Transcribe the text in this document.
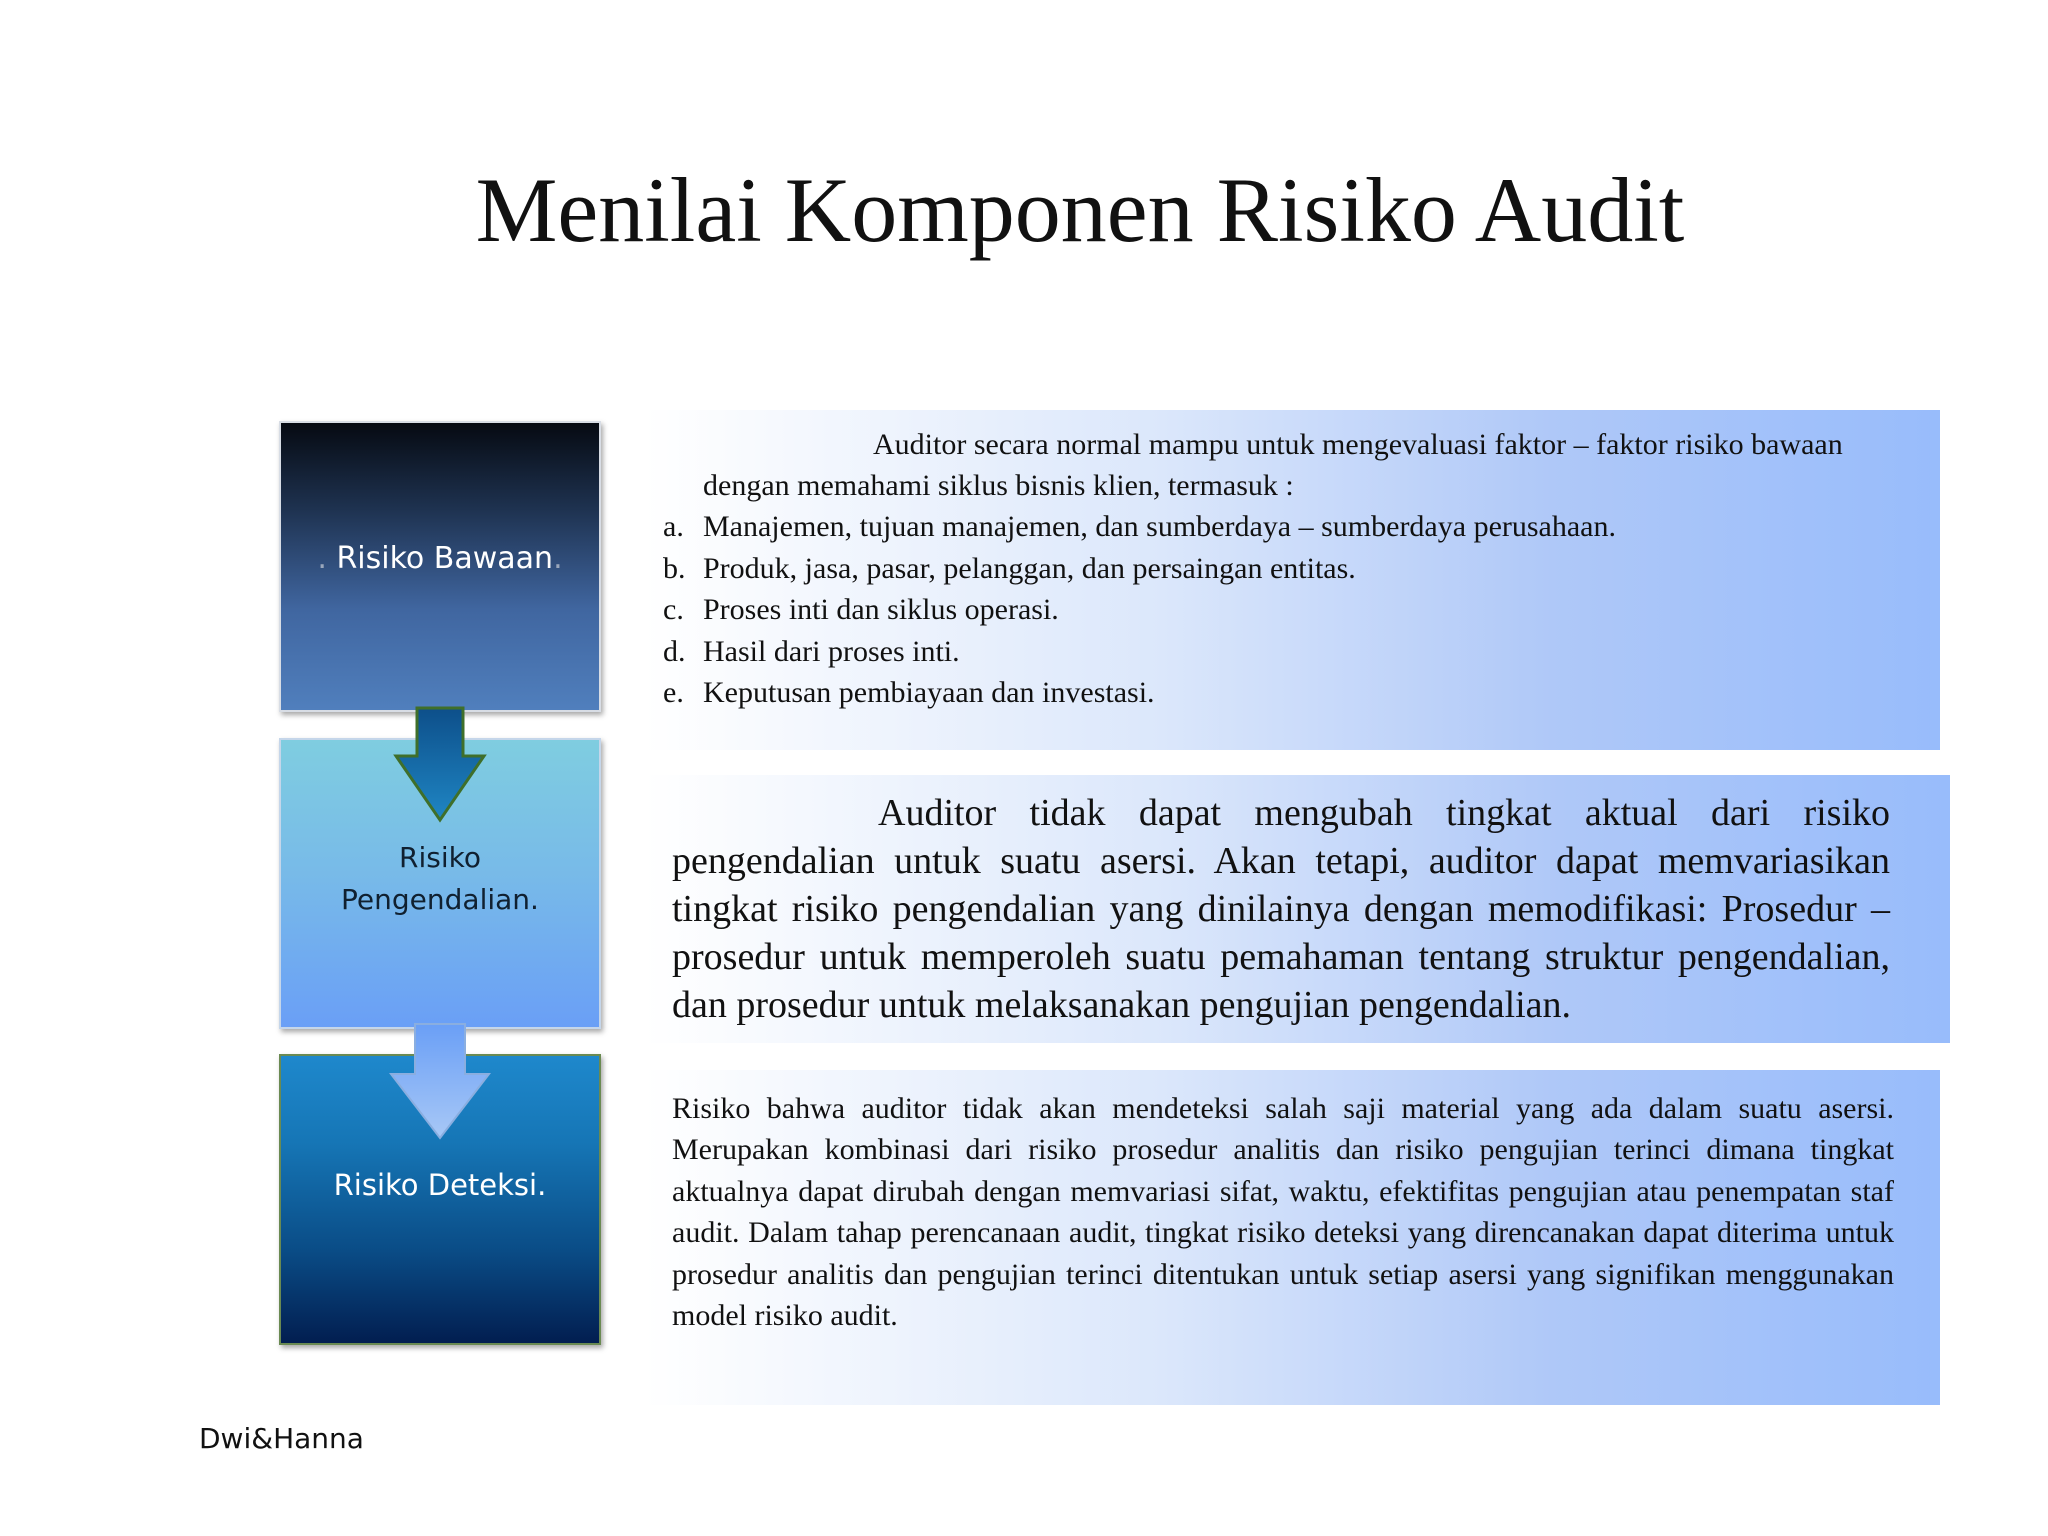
Menilai Komponen Risiko Audit
. Risiko Bawaan.
Risiko
Pengendalian.
Risiko Deteksi.
Auditor secara normal mampu untuk mengevaluasi faktor – faktor risiko bawaan dengan memahami siklus bisnis klien, termasuk :
a. Manajemen, tujuan manajemen, dan sumberdaya – sumberdaya perusahaan.
b. Produk, jasa, pasar, pelanggan, dan persaingan entitas.
c. Proses inti dan siklus operasi.
d. Hasil dari proses inti.
e. Keputusan pembiayaan dan investasi.
Auditor tidak dapat mengubah tingkat aktual dari risiko pengendalian untuk suatu asersi. Akan tetapi, auditor dapat memvariasikan tingkat risiko pengendalian yang dinilainya dengan memodifikasi: Prosedur – prosedur untuk memperoleh suatu pemahaman tentang struktur pengendalian, dan prosedur untuk melaksanakan pengujian pengendalian.
Risiko bahwa auditor tidak akan mendeteksi salah saji material yang ada dalam suatu asersi. Merupakan kombinasi dari risiko prosedur analitis dan risiko pengujian terinci dimana tingkat aktualnya dapat dirubah dengan memvariasi sifat, waktu, efektifitas pengujian atau penempatan staf audit. Dalam tahap perencanaan audit, tingkat risiko deteksi yang direncanakan dapat diterima untuk prosedur analitis dan pengujian terinci ditentukan untuk setiap asersi yang signifikan menggunakan model risiko audit.
Dwi&Hanna
